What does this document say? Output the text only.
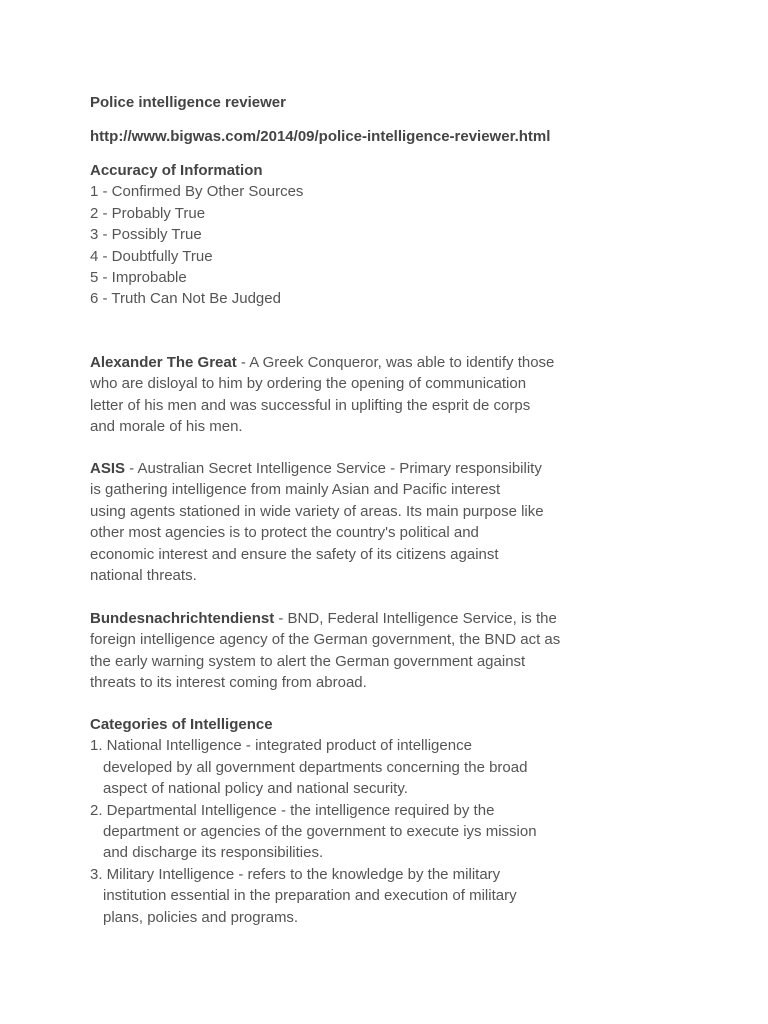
Police intelligence reviewer
http://www.bigwas.com/2014/09/police-intelligence-reviewer.html
Accuracy of Information
1 - Confirmed By Other Sources
2 - Probably True
3 - Possibly True
4 - Doubtfully True
5 - Improbable
6 - Truth Can Not Be Judged
Alexander The Great - A Greek Conqueror, was able to identify those
who are disloyal to him by ordering the opening of communication
letter of his men and was successful in uplifting the esprit de corps
and morale of his men.
ASIS - Australian Secret Intelligence Service - Primary responsibility
is gathering intelligence from mainly Asian and Pacific interest
using agents stationed in wide variety of areas. Its main purpose like
other most agencies is to protect the country's political and
economic interest and ensure the safety of its citizens against
national threats.
Bundesnachrichtendienst - BND, Federal Intelligence Service, is the
foreign intelligence agency of the German government, the BND act as
the early warning system to alert the German government against
threats to its interest coming from abroad.
Categories of Intelligence
1. National Intelligence - integrated product of intelligence
developed by all government departments concerning the broad
aspect of national policy and national security.
2. Departmental Intelligence - the intelligence required by the
department or agencies of the government to execute iys mission
and discharge its responsibilities.
3. Military Intelligence - refers to the knowledge by the military
institution essential in the preparation and execution of military
plans, policies and programs.
